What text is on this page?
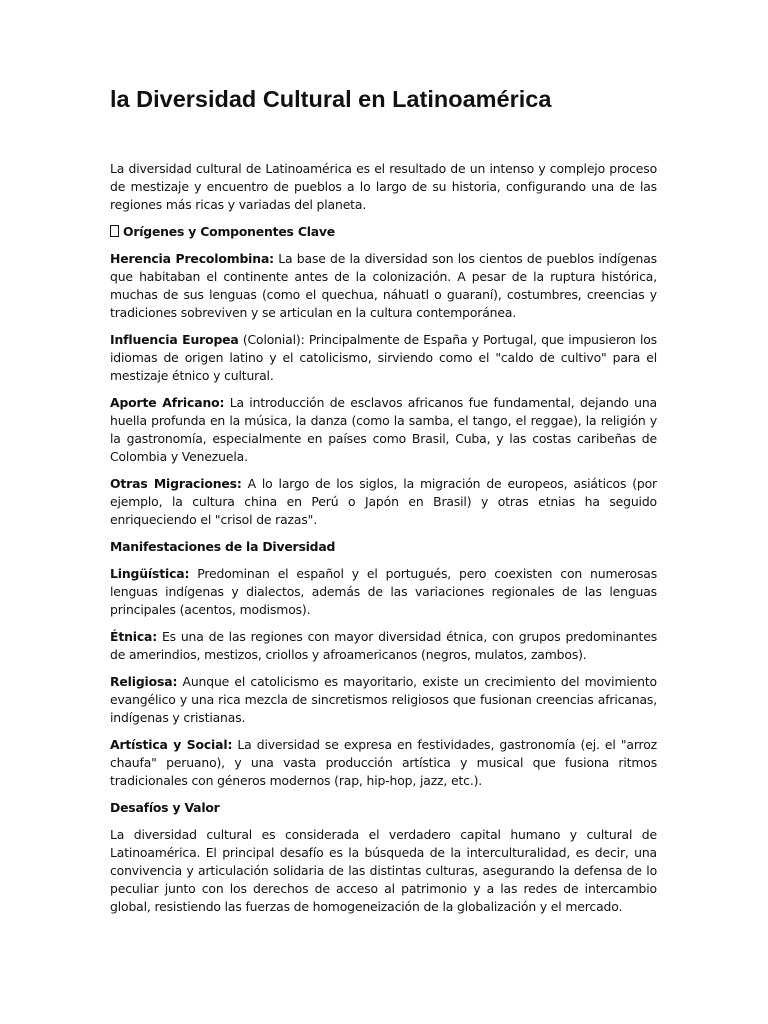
la Diversidad Cultural en Latinoamérica

La diversidad cultural de Latinoamérica es el resultado de un intenso y complejo proceso de mestizaje y encuentro de pueblos a lo largo de su historia, configurando una de las regiones más ricas y variadas del planeta.

Orígenes y Componentes Clave

Herencia Precolombina: La base de la diversidad son los cientos de pueblos indígenas que habitaban el continente antes de la colonización. A pesar de la ruptura histórica, muchas de sus lenguas (como el quechua, náhuatl o guaraní), costumbres, creencias y tradiciones sobreviven y se articulan en la cultura contemporánea.

Influencia Europea (Colonial): Principalmente de España y Portugal, que impusieron los idiomas de origen latino y el catolicismo, sirviendo como el "caldo de cultivo" para el mestizaje étnico y cultural.

Aporte Africano: La introducción de esclavos africanos fue fundamental, dejando una huella profunda en la música, la danza (como la samba, el tango, el reggae), la religión y la gastronomía, especialmente en países como Brasil, Cuba, y las costas caribeñas de Colombia y Venezuela.

Otras Migraciones: A lo largo de los siglos, la migración de europeos, asiáticos (por ejemplo, la cultura china en Perú o Japón en Brasil) y otras etnias ha seguido enriqueciendo el "crisol de razas".

Manifestaciones de la Diversidad

Lingüística: Predominan el español y el portugués, pero coexisten con numerosas lenguas indígenas y dialectos, además de las variaciones regionales de las lenguas principales (acentos, modismos).

Étnica: Es una de las regiones con mayor diversidad étnica, con grupos predominantes de amerindios, mestizos, criollos y afroamericanos (negros, mulatos, zambos).

Religiosa: Aunque el catolicismo es mayoritario, existe un crecimiento del movimiento evangélico y una rica mezcla de sincretismos religiosos que fusionan creencias africanas, indígenas y cristianas.

Artística y Social: La diversidad se expresa en festividades, gastronomía (ej. el "arroz chaufa" peruano), y una vasta producción artística y musical que fusiona ritmos tradicionales con géneros modernos (rap, hip-hop, jazz, etc.).

Desafíos y Valor

La diversidad cultural es considerada el verdadero capital humano y cultural de Latinoamérica. El principal desafío es la búsqueda de la interculturalidad, es decir, una convivencia y articulación solidaria de las distintas culturas, asegurando la defensa de lo peculiar junto con los derechos de acceso al patrimonio y a las redes de intercambio global, resistiendo las fuerzas de homogeneización de la globalización y el mercado.
